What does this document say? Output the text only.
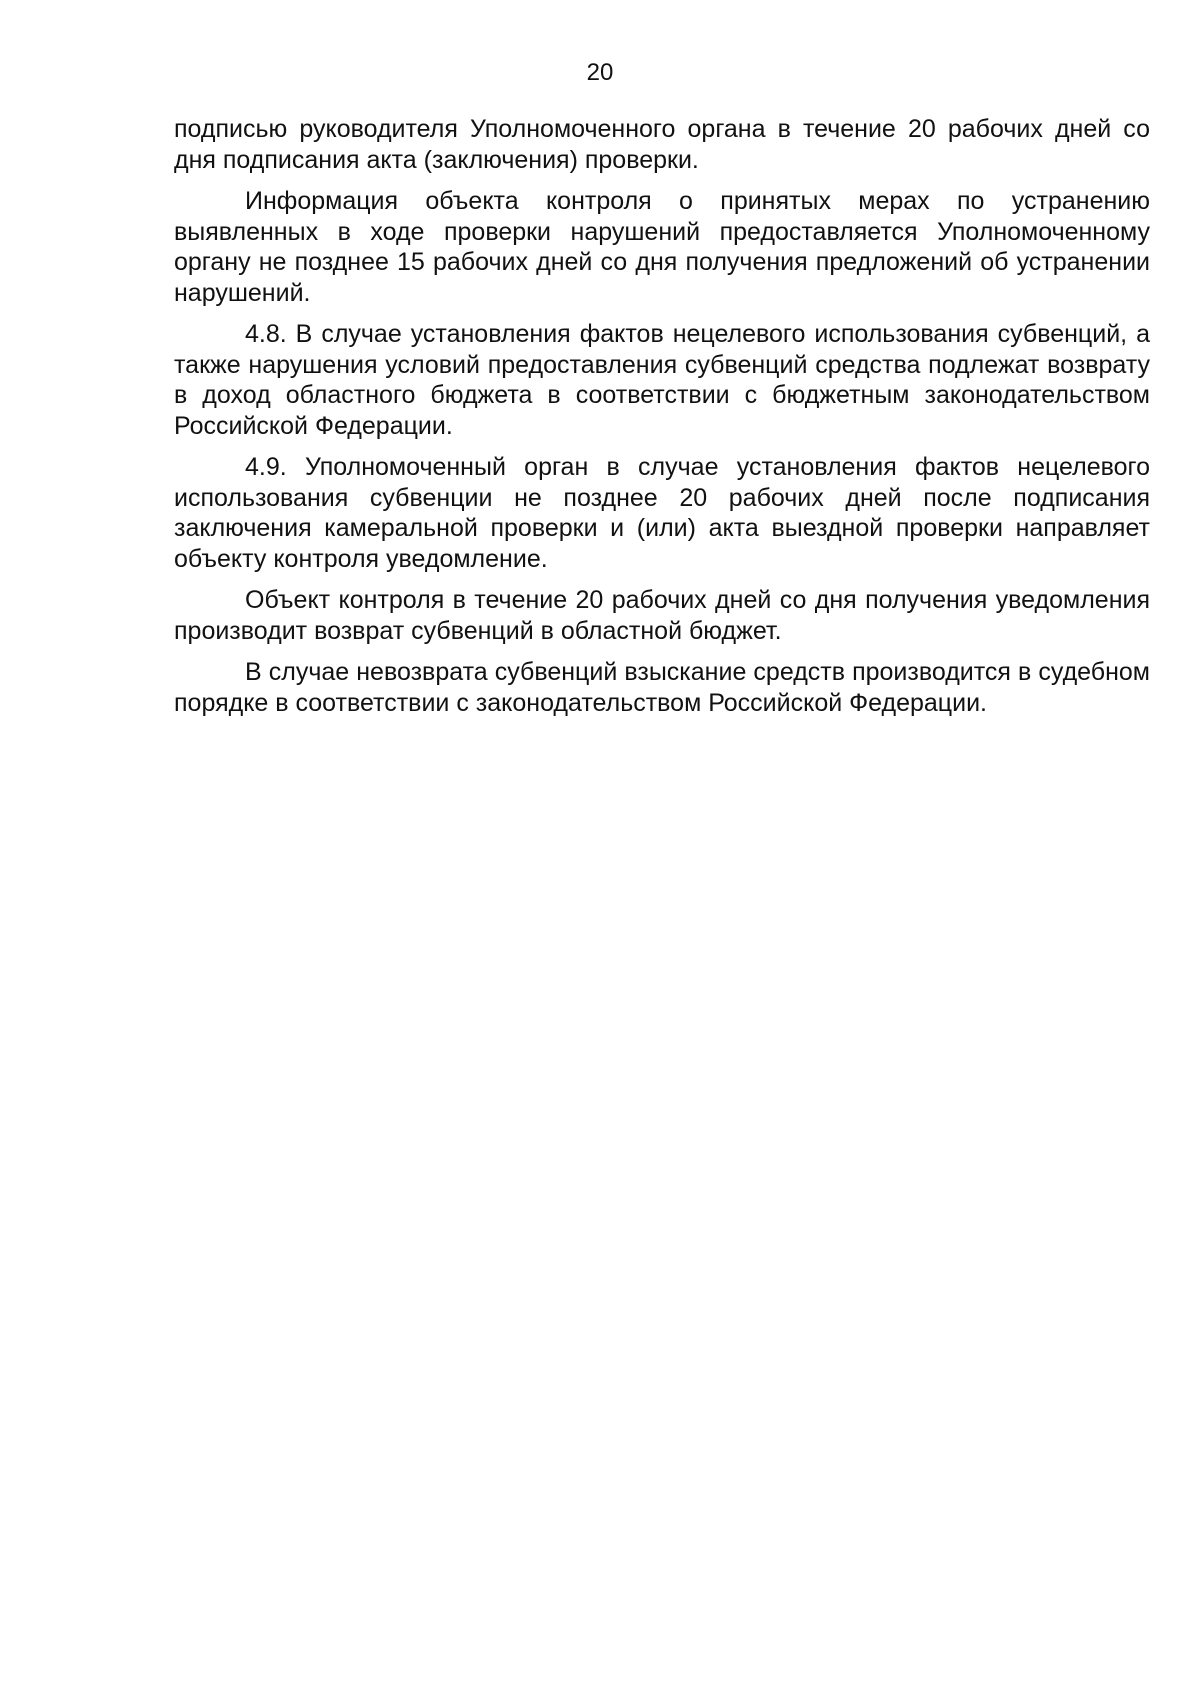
20

подписью руководителя Уполномоченного органа в течение 20 рабочих дней со дня подписания акта (заключения) проверки.

Информация объекта контроля о принятых мерах по устранению выявленных в ходе проверки нарушений предоставляется Уполномоченному органу не позднее 15 рабочих дней со дня получения предложений об устранении нарушений.

4.8. В случае установления фактов нецелевого использования субвенций, а также нарушения условий предоставления субвенций средства подлежат возврату в доход областного бюджета в соответствии с бюджетным законодательством Российской Федерации.

4.9. Уполномоченный орган в случае установления фактов нецелевого использования субвенции не позднее 20 рабочих дней после подписания заключения камеральной проверки и (или) акта выездной проверки направляет объекту контроля уведомление.

Объект контроля в течение 20 рабочих дней со дня получения уведомления производит возврат субвенций в областной бюджет.

В случае невозврата субвенций взыскание средств производится в судебном порядке в соответствии с законодательством Российской Федерации.
